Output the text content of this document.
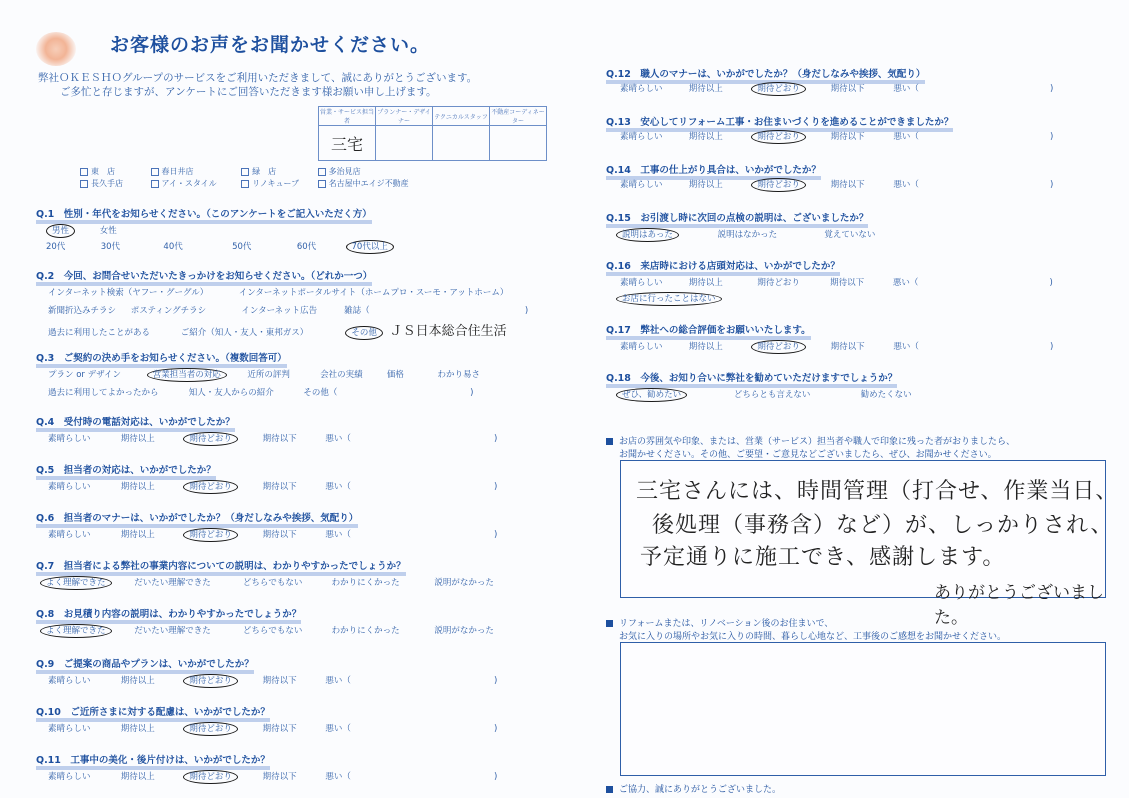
お客様のお声をお聞かせください。
弊社ＯＫＥＳＨＯグループのサービスをご利用いただきまして、誠にありがとうございます。
ご多忙と存じますが、アンケートにご回答いただきます様お願い申し上げます。
営業・サービス担当者	プランナー・デザイナー	テクニカルスタッフ	不動産コーディネーター
三宅			
東　店	春日井店	緑　店	多治見店
長久手店	アイ・スタイル	リノキューブ	名古屋中エイジ不動産
Q.1　性別・年代をお知らせください。（このアンケートをご記入いただく方）
男性	女性
20代	30代	40代	50代	60代	70代以上
Q.2　今回、お問合せいただいたきっかけをお知らせください。（どれか一つ）
インターネット検索（ヤフー・グーグル）	インターネットポータルサイト（ホームプロ・スーモ・アットホーム）
新聞折込みチラシ ポスティングチラシ	インターネット広告	雑誌（	)
過去に利用したことがある	ご紹介（知人・友人・東邦ガス）	その他 ＪＳ日本総合住生活
Q.3　ご契約の決め手をお知らせください。（複数回答可）
プラン or デザイン	営業担当者の対応	近所の評判	会社の実績	価格	わかり易さ
過去に利用してよかったから	知人・友人からの紹介	その他（	)
Q.4　受付時の電話対応は、いかがでしたか？
素晴らしい	期待以上	期待どおり	期待以下	悪い（	)
Q.5　担当者の対応は、いかがでしたか？
素晴らしい	期待以上	期待どおり	期待以下	悪い（	)
Q.6　担当者のマナーは、いかがでしたか？（身だしなみや挨拶、気配り）
素晴らしい	期待以上	期待どおり	期待以下	悪い（	)
Q.7　担当者による弊社の事業内容についての説明は、わかりやすかったでしょうか？
よく理解できた	だいたい理解できた	どちらでもない	わかりにくかった	説明がなかった
Q.8　お見積り内容の説明は、わかりやすかったでしょうか？
よく理解できた	だいたい理解できた	どちらでもない	わかりにくかった	説明がなかった
Q.9　ご提案の商品やプランは、いかがでしたか？
素晴らしい	期待以上	期待どおり	期待以下	悪い（	)
Q.10　ご近所さまに対する配慮は、いかがでしたか？
素晴らしい	期待以上	期待どおり	期待以下	悪い（	)
Q.11　工事中の美化・後片付けは、いかがでしたか？
素晴らしい	期待以上	期待どおり	期待以下	悪い（	)
Q.12　職人のマナーは、いかがでしたか？（身だしなみや挨拶、気配り）
素晴らしい	期待以上	期待どおり	期待以下	悪い（	)
Q.13　安心してリフォーム工事・お住まいづくりを進めることができましたか？
素晴らしい	期待以上	期待どおり	期待以下	悪い（	)
Q.14　工事の仕上がり具合は、いかがでしたか？
素晴らしい	期待以上	期待どおり	期待以下	悪い（	)
Q.15　お引渡し時に次回の点検の説明は、ございましたか？
説明はあった	説明はなかった	覚えていない
Q.16　来店時における店頭対応は、いかがでしたか？
素晴らしい	期待以上	期待どおり	期待以下	悪い（	)
お店に行ったことはない
Q.17　弊社への総合評価をお願いいたします。
素晴らしい	期待以上	期待どおり	期待以下	悪い（	)
Q.18　今後、お知り合いに弊社を勧めていただけますでしょうか？
ぜひ、勧めたい	どちらとも言えない	勧めたくない
お店の雰囲気や印象、または、営業（サービス）担当者や職人で印象に残った者がおりましたら、
お聞かせください。その他、ご要望・ご意見などございましたら、ぜひ、お聞かせください。
三宅さんには、時間管理（打合せ、作業当日、
後処理（事務含）など）が、しっかりされ、
予定通りに施工でき、感謝します。
ありがとうございました。
リフォームまたは、リノベーション後のお住まいで、
お気に入りの場所やお気に入りの時間、暮らし心地など、工事後のご感想をお聞かせください。
ご協力、誠にありがとうございました。
